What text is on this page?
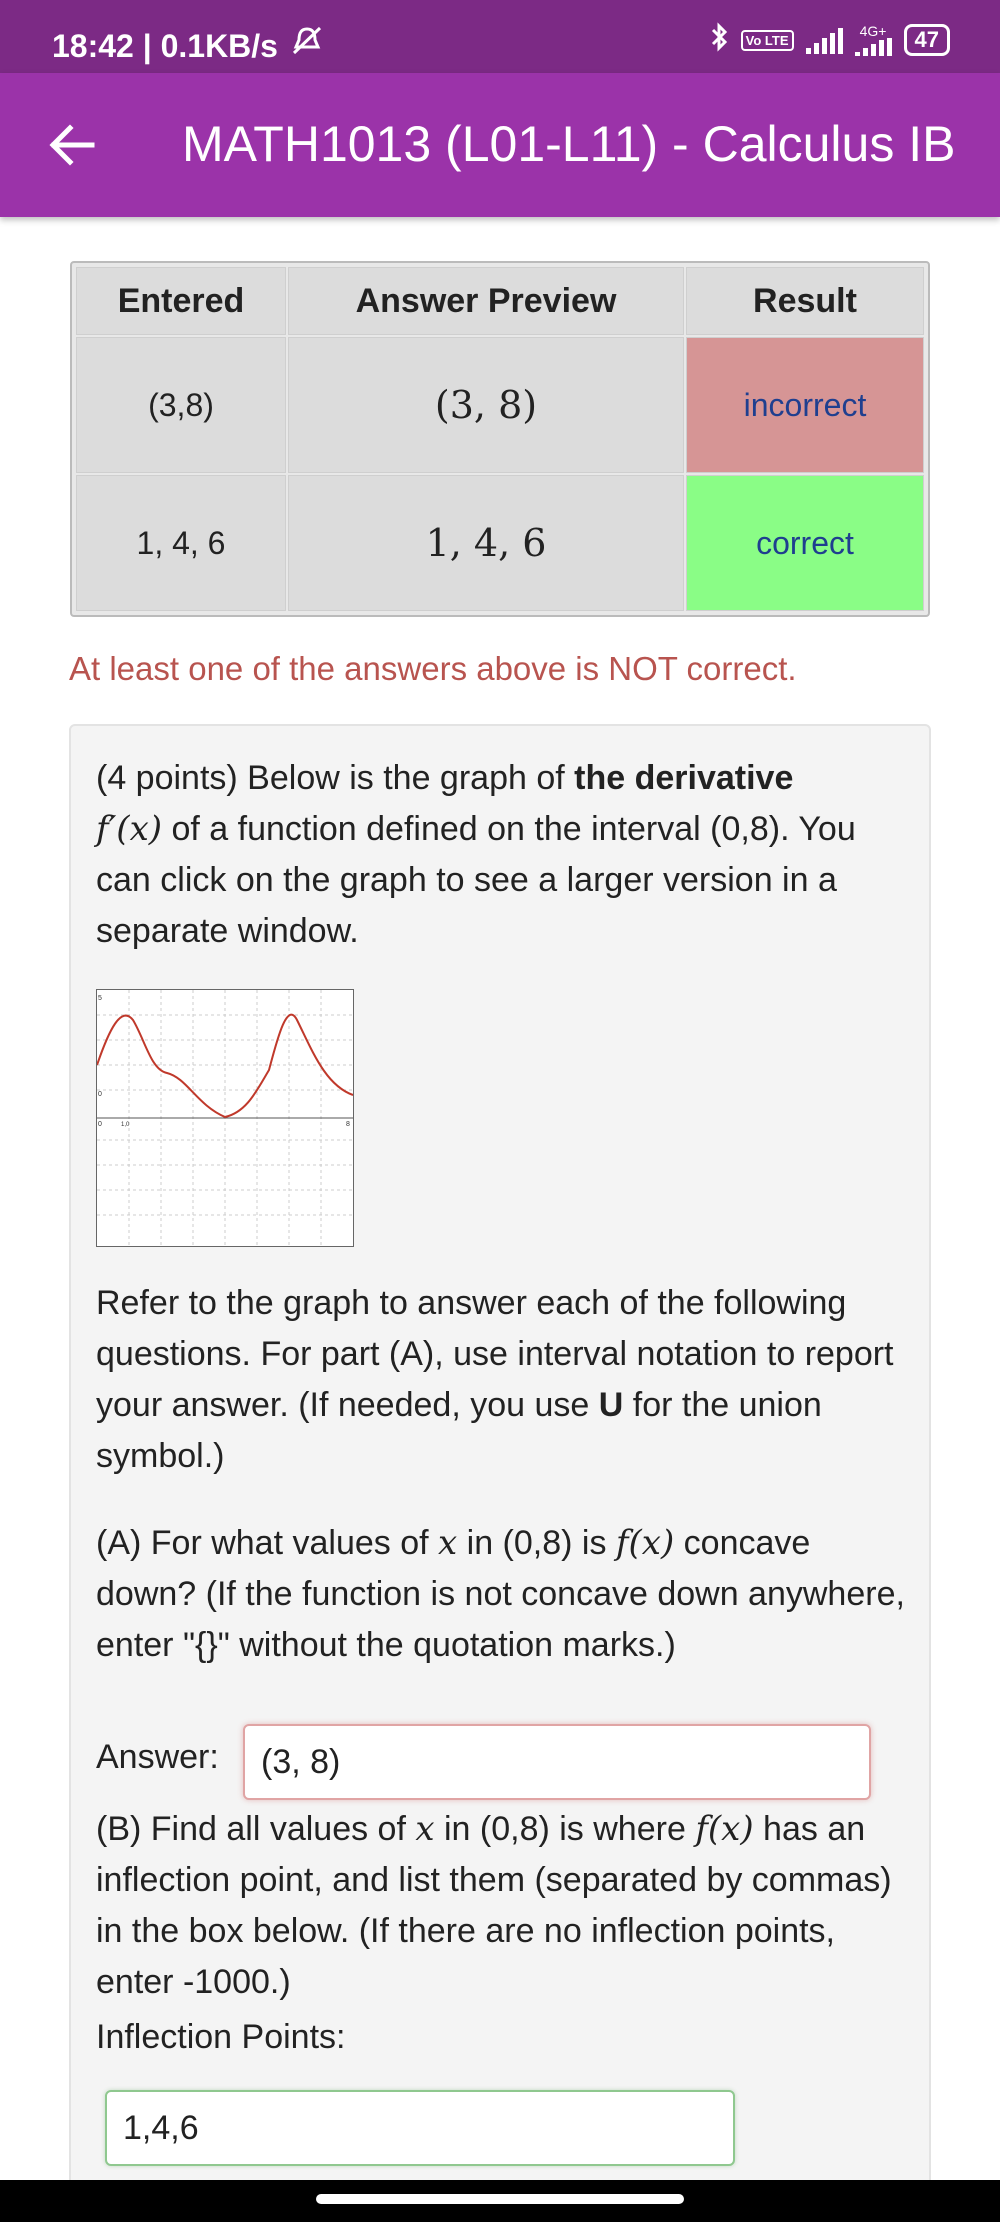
18:42 | 0.1KB/s	Vo LTE
4G+	47
MATH1013 (L01-L11) - Calculus IB
Entered	Answer Preview	Result
(3,8)	(3, 8)	incorrect
1, 4, 6	1, 4, 6	correct
At least one of the answers above is NOT correct.
(4 points) Below is the graph of the derivative
f′(x) of a function defined on the interval (0,8). You can click on the graph to see a larger version in a separate window.
5
0
0	8
1,0
Refer to the graph to answer each of the following questions. For part (A), use interval notation to report your answer. (If needed, you use U for the union symbol.)
(A) For what values of x in (0,8) is f(x) concave down? (If the function is not concave down anywhere, enter "{}" without the quotation marks.)
Answer:	(3, 8)
(B) Find all values of x in (0,8) is where f(x) has an inflection point, and list them (separated by commas) in the box below. (If there are no inflection points, enter -1000.)
Inflection Points:
1,4,6
